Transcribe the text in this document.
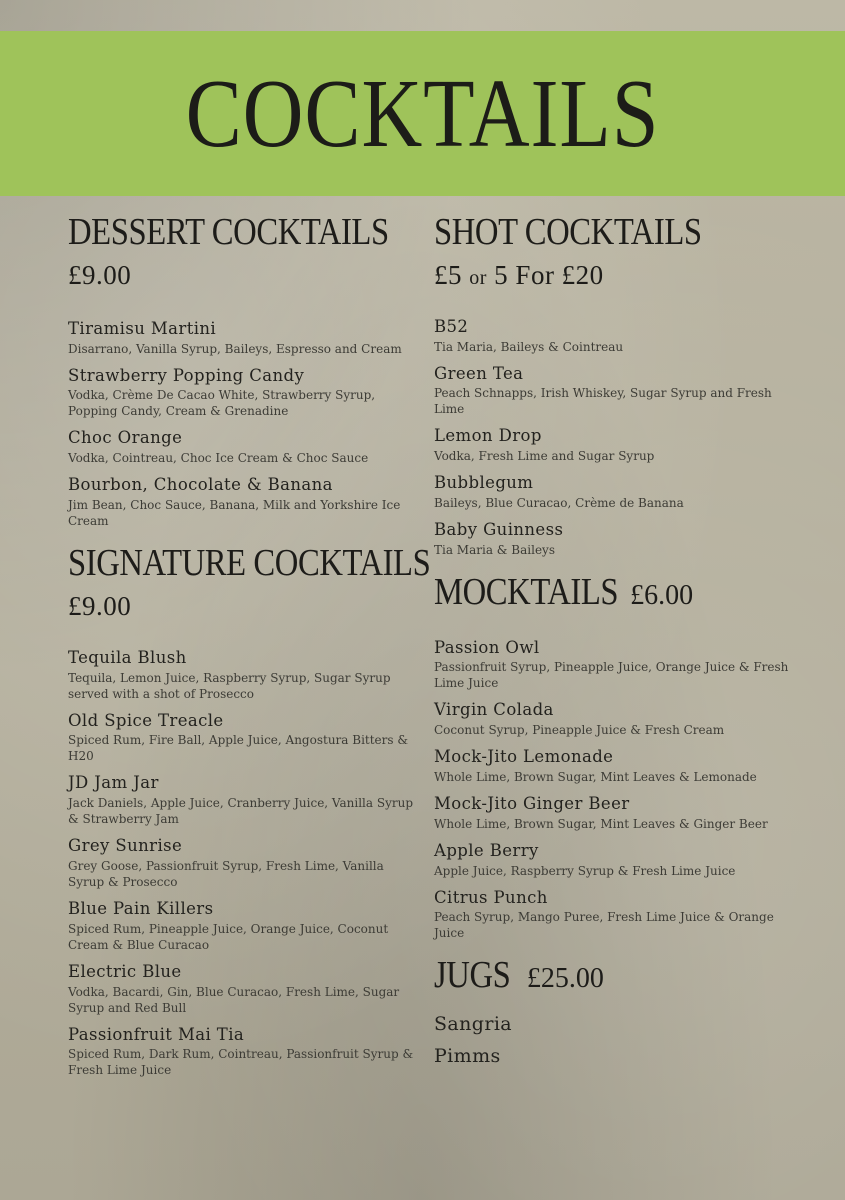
COCKTAILS
DESSERT COCKTAILS
£9.00
Tiramisu Martini
Disarrano, Vanilla Syrup, Baileys, Espresso and Cream
Strawberry Popping Candy
Vodka, Crème De Cacao White, Strawberry Syrup, Popping Candy, Cream & Grenadine
Choc Orange
Vodka, Cointreau, Choc Ice Cream & Choc Sauce
Bourbon, Chocolate & Banana
Jim Bean, Choc Sauce, Banana, Milk and Yorkshire Ice Cream
SIGNATURE COCKTAILS
£9.00
Tequila Blush
Tequila, Lemon Juice, Raspberry Syrup, Sugar Syrup served with a shot of Prosecco
Old Spice Treacle
Spiced Rum, Fire Ball, Apple Juice, Angostura Bitters & H20
JD Jam Jar
Jack Daniels, Apple Juice, Cranberry Juice, Vanilla Syrup & Strawberry Jam
Grey Sunrise
Grey Goose, Passionfruit Syrup, Fresh Lime, Vanilla Syrup & Prosecco
Blue Pain Killers
Spiced Rum, Pineapple Juice, Orange Juice, Coconut Cream & Blue Curacao
Electric Blue
Vodka, Bacardi, Gin, Blue Curacao, Fresh Lime, Sugar Syrup and Red Bull
Passionfruit Mai Tia
Spiced Rum, Dark Rum, Cointreau, Passionfruit Syrup & Fresh Lime Juice
SHOT COCKTAILS
£5 or 5 For £20
B52
Tia Maria, Baileys & Cointreau
Green Tea
Peach Schnapps, Irish Whiskey, Sugar Syrup and Fresh Lime
Lemon Drop
Vodka, Fresh Lime and Sugar Syrup
Bubblegum
Baileys, Blue Curacao, Crème de Banana
Baby Guinness
Tia Maria & Baileys
MOCKTAILS £6.00
Passion Owl
Passionfruit Syrup, Pineapple Juice, Orange Juice & Fresh Lime Juice
Virgin Colada
Coconut Syrup, Pineapple Juice & Fresh Cream
Mock-Jito Lemonade
Whole Lime, Brown Sugar, Mint Leaves & Lemonade
Mock-Jito Ginger Beer
Whole Lime, Brown Sugar, Mint Leaves & Ginger Beer
Apple Berry
Apple Juice, Raspberry Syrup & Fresh Lime Juice
Citrus Punch
Peach Syrup, Mango Puree, Fresh Lime Juice & Orange Juice
JUGS £25.00
Sangria
Pimms
